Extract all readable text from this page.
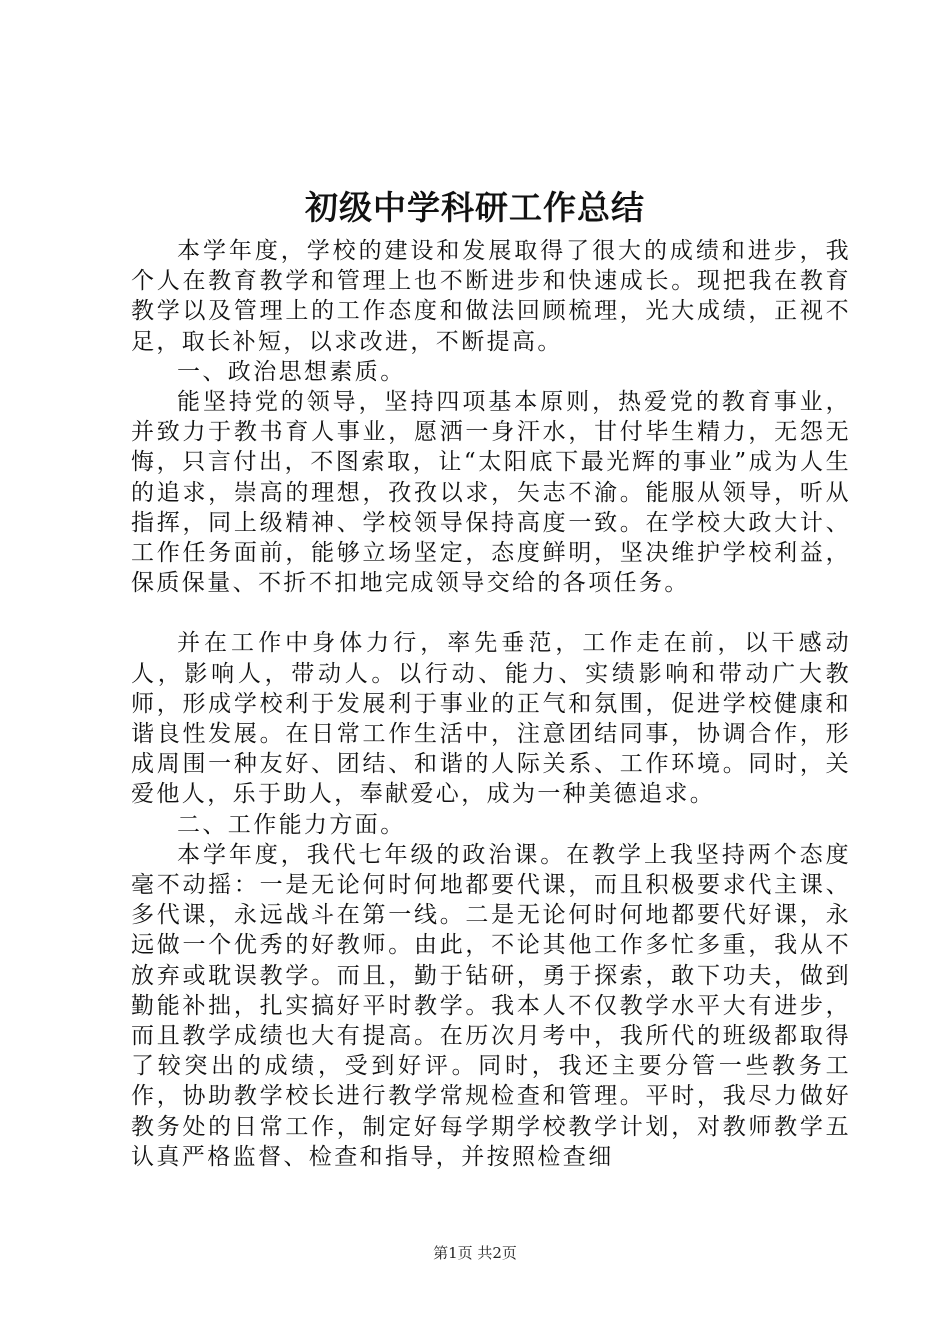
初级中学科研工作总结

本学年度，学校的建设和发展取得了很大的成绩和进步，我个人在教育教学和管理上也不断进步和快速成长。现把我在教育教学以及管理上的工作态度和做法回顾梳理，光大成绩，正视不足，取长补短，以求改进，不断提高。

一、政治思想素质。

能坚持党的领导，坚持四项基本原则，热爱党的教育事业，并致力于教书育人事业，愿洒一身汗水，甘付毕生精力，无怨无悔，只言付出，不图索取，让“太阳底下最光辉的事业”成为人生的追求，崇高的理想，孜孜以求，矢志不渝。能服从领导，听从指挥，同上级精神、学校领导保持高度一致。在学校大政大计、工作任务面前，能够立场坚定，态度鲜明，坚决维护学校利益，保质保量、不折不扣地完成领导交给的各项任务。

并在工作中身体力行，率先垂范，工作走在前，以干感动人，影响人，带动人。以行动、能力、实绩影响和带动广大教师，形成学校利于发展利于事业的正气和氛围，促进学校健康和谐良性发展。在日常工作生活中，注意团结同事，协调合作，形成周围一种友好、团结、和谐的人际关系、工作环境。同时，关爱他人，乐于助人，奉献爱心，成为一种美德追求。

二、工作能力方面。

本学年度，我代七年级的政治课。在教学上我坚持两个态度毫不动摇：一是无论何时何地都要代课，而且积极要求代主课、多代课，永远战斗在第一线。二是无论何时何地都要代好课，永远做一个优秀的好教师。由此，不论其他工作多忙多重，我从不放弃或耽误教学。而且，勤于钻研，勇于探索，敢下功夫，做到勤能补拙，扎实搞好平时教学。我本人不仅教学水平大有进步，而且教学成绩也大有提高。在历次月考中，我所代的班级都取得了较突出的成绩，受到好评。同时，我还主要分管一些教务工作，协助教学校长进行教学常规检查和管理。平时，我尽力做好教务处的日常工作，制定好每学期学校教学计划，对教师教学五认真严格监督、检查和指导，并按照检查细

第1页 共2页
